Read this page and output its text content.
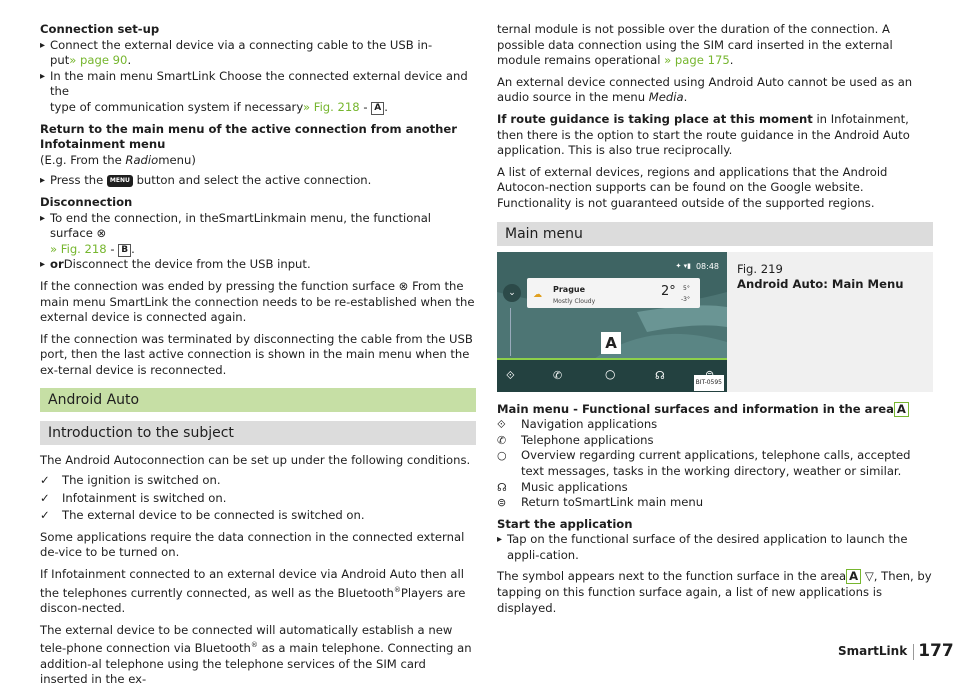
Connection set-up

▸ Connect the external device via a connecting cable to the USB in-
put» page 90.

▸ In the main menu SmartLink Choose the connected external device and the
type of communication system if necessary» Fig. 218 - A .

Return to the main menu of the active connection from another Infotainment menu

(E.g. From the Radiomenu)

▸ Press the MENU button and select the active connection.

Disconnection

▸ To end the connection, in theSmartLinkmain menu, the functional surface ⊗
» Fig. 218 - B .

▸ orDisconnect the device from the USB input.

If the connection was ended by pressing the function surface ⊗ From the main menu SmartLink the connection needs to be re-established when the external device is connected again.

If the connection was terminated by disconnecting the cable from the USB port, then the last active connection is shown in the main menu when the ex-ternal device is reconnected.

Android Auto
Introduction to the subject

The Android Autoconnection can be set up under the following conditions.

✓ The ignition is switched on.

✓ Infotainment is switched on.

✓ The external device to be connected is switched on.

Some applications require the data connection in the connected external de-vice to be turned on.

If Infotainment connected to an external device via Android Auto then all the telephones currently connected, as well as the Bluetooth®Players are discon-nected.

The external device to be connected will automatically establish a new tele-phone connection via Bluetooth® as a main telephone. Connecting an addition-al telephone using the telephone services of the SIM card inserted in the ex-

ternal module is not possible over the duration of the connection. A possible data connection using the SIM card inserted in the external module remains operational » page 175.

An external device connected using Android Auto cannot be used as an audio source in the menu Media.

If route guidance is taking place at this moment in Infotainment, then there is the option to start the route guidance in the Android Auto application. This is also true reciprocally.

A list of external devices, regions and applications that the Android Autocon-nection supports can be found on the Google website. Functionality is not guaranteed outside of the supported regions.

Main menu
✦ ▾▮ 08:48
⌄	☁
Prague
Mostly Cloudy
2° 5°
-3°
A
⟐	✆	○	☊
BIT-0595
Fig. 219
Android Auto: Main Menu

Main menu - Functional surfaces and information in the area A

⟐	Navigation applications
✆	Telephone applications
○	Overview regarding current applications, telephone calls, accepted text messages, tasks in the working directory, weather or similar.
☊	Music applications
⊜	Return toSmartLink main menu

Start the application

▸ Tap on the functional surface of the desired application to launch the appli-cation.

The symbol appears next to the function surface in the area A ▽, Then, by tapping on this function surface again, a list of new applications is displayed.

SmartLink 177
